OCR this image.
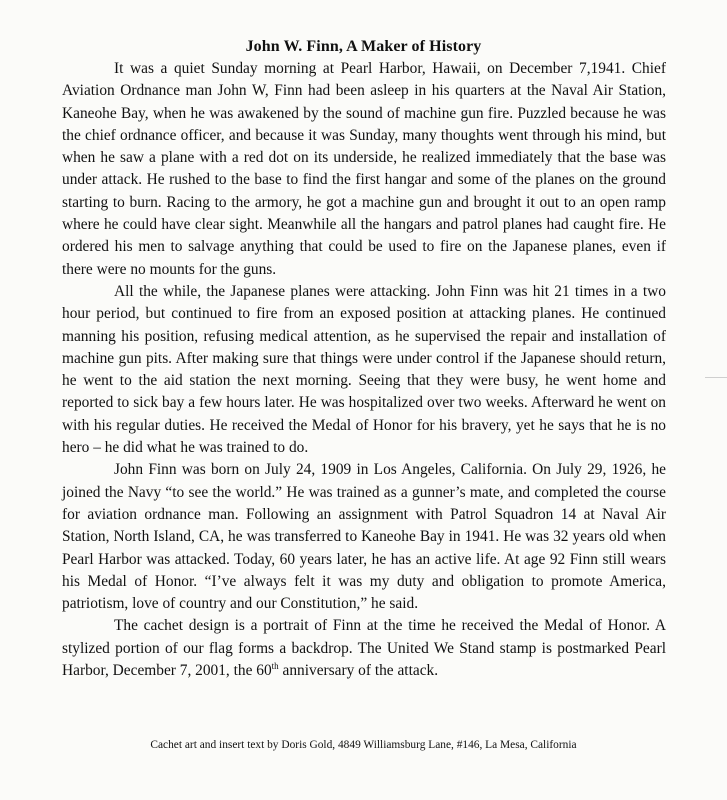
John W. Finn, A Maker of History

It was a quiet Sunday morning at Pearl Harbor, Hawaii, on December 7,1941. Chief Aviation Ordnance man John W, Finn had been asleep in his quarters at the Naval Air Station, Kaneohe Bay, when he was awakened by the sound of machine gun fire. Puzzled because he was the chief ordnance officer, and because it was Sunday, many thoughts went through his mind, but when he saw a plane with a red dot on its underside, he realized immediately that the base was under attack. He rushed to the base to find the first hangar and some of the planes on the ground starting to burn. Racing to the armory, he got a machine gun and brought it out to an open ramp where he could have clear sight. Meanwhile all the hangars and patrol planes had caught fire. He ordered his men to salvage anything that could be used to fire on the Japanese planes, even if there were no mounts for the guns.

All the while, the Japanese planes were attacking. John Finn was hit 21 times in a two hour period, but continued to fire from an exposed position at attacking planes. He continued manning his position, refusing medical attention, as he supervised the repair and installation of machine gun pits. After making sure that things were under control if the Japanese should return, he went to the aid station the next morning. Seeing that they were busy, he went home and reported to sick bay a few hours later. He was hospitalized over two weeks. Afterward he went on with his regular duties. He received the Medal of Honor for his bravery, yet he says that he is no hero – he did what he was trained to do.

John Finn was born on July 24, 1909 in Los Angeles, California. On July 29, 1926, he joined the Navy “to see the world.” He was trained as a gunner’s mate, and completed the course for aviation ordnance man. Following an assignment with Patrol Squadron 14 at Naval Air Station, North Island, CA, he was transferred to Kaneohe Bay in 1941. He was 32 years old when Pearl Harbor was attacked. Today, 60 years later, he has an active life. At age 92 Finn still wears his Medal of Honor. “I’ve always felt it was my duty and obligation to promote America, patriotism, love of country and our Constitution,” he said.

The cachet design is a portrait of Finn at the time he received the Medal of Honor. A stylized portion of our flag forms a backdrop. The United We Stand stamp is postmarked Pearl Harbor, December 7, 2001, the 60th anniversary of the attack.

Cachet art and insert text by Doris Gold, 4849 Williamsburg Lane, #146, La Mesa, California
